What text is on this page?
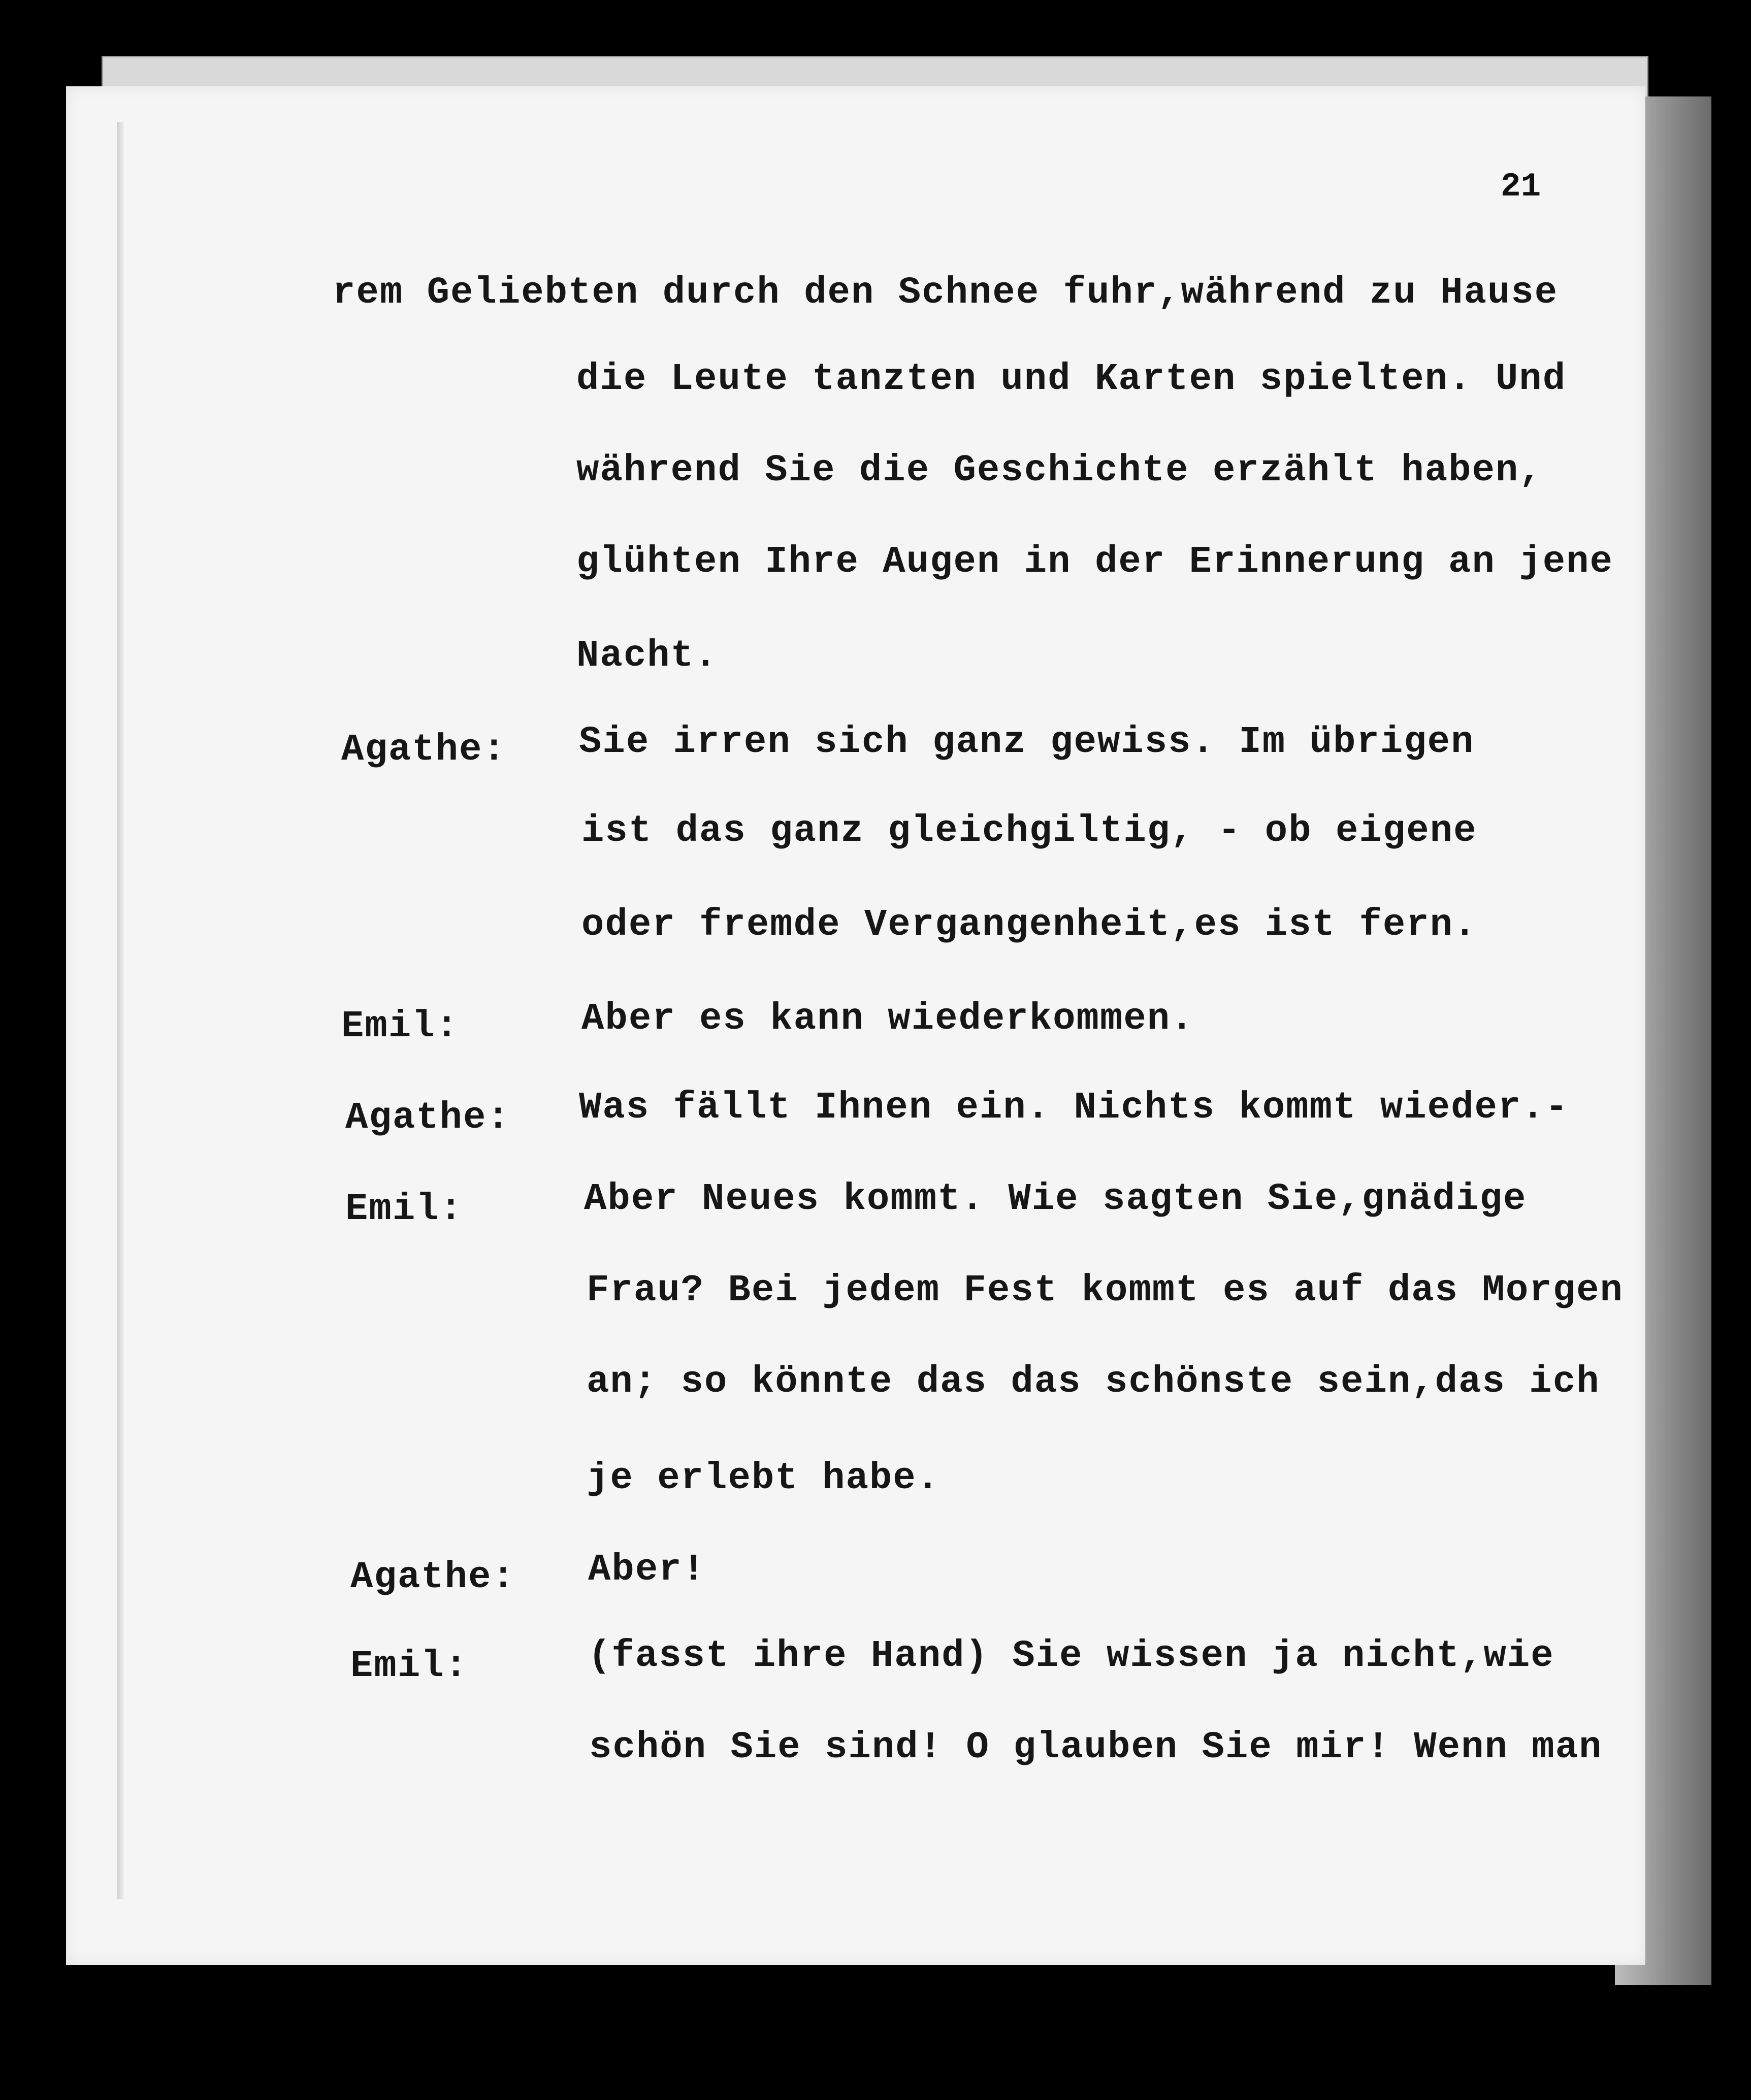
21
rem Geliebten durch den Schnee fuhr,während zu Hause
die Leute tanzten und Karten spielten. Und
während Sie die Geschichte erzählt haben,
glühten Ihre Augen in der Erinnerung an jene
Nacht.
Agathe: Sie irren sich ganz gewiss. Im übrigen
ist das ganz gleichgiltig, - ob eigene
oder fremde Vergangenheit,es ist fern.
Emil:	Aber es kann wiederkommen.
Agathe: Was fällt Ihnen ein. Nichts kommt wieder.-
Emil:	Aber Neues kommt. Wie sagten Sie,gnädige
Frau? Bei jedem Fest kommt es auf das Morgen
an; so könnte das das schönste sein,das ich
je erlebt habe.
Agathe: Aber!
Emil:	(fasst ihre Hand) Sie wissen ja nicht,wie
schön Sie sind! O glauben Sie mir! Wenn man
